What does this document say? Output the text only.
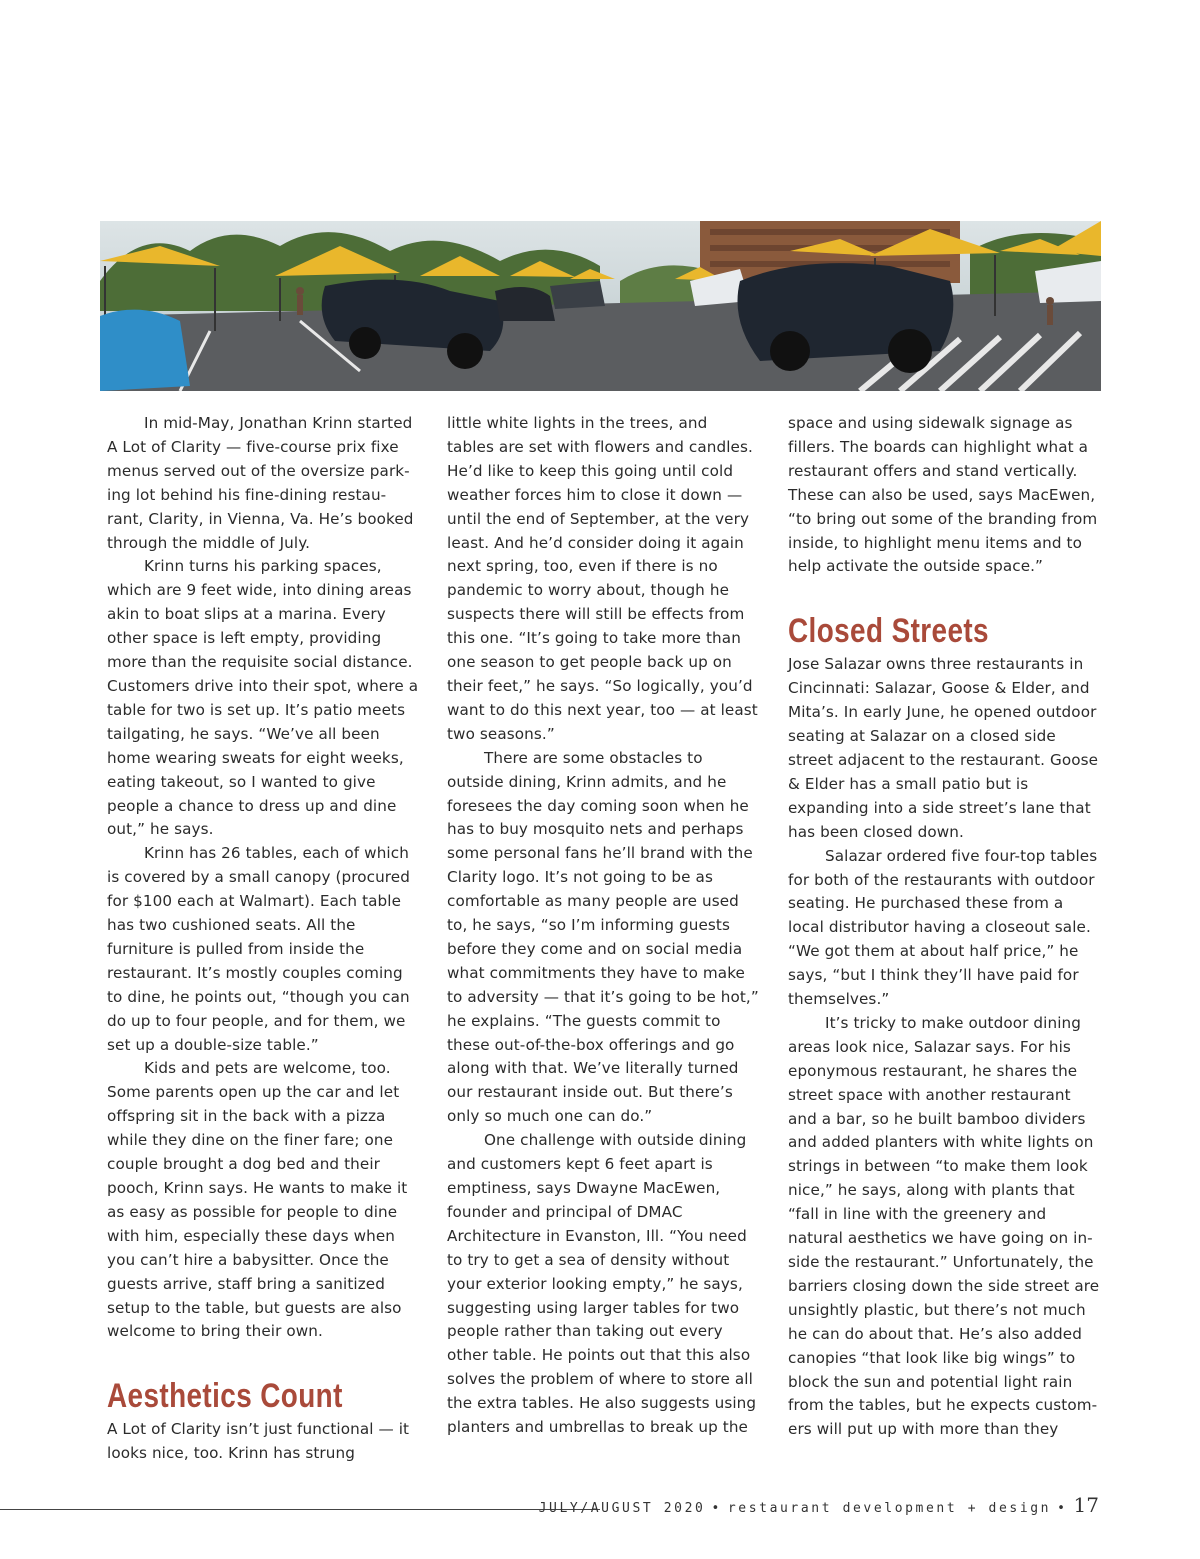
In mid-May, Jonathan Krinn started A Lot of Clarity — five-course prix fixe menus served out of the oversize park-ing lot behind his fine-dining restau-rant, Clarity, in Vienna, Va. He’s booked through the middle of July.

Krinn turns his parking spaces, which are 9 feet wide, into dining areas akin to boat slips at a marina. Every other space is left empty, providing more than the requisite social distance. Customers drive into their spot, where a table for two is set up. It’s patio meets tailgating, he says. “We’ve all been home wearing sweats for eight weeks, eating takeout, so I wanted to give people a chance to dress up and dine out,” he says.

Krinn has 26 tables, each of which is covered by a small canopy (procured for $100 each at Walmart). Each table has two cushioned seats. All the furniture is pulled from inside the restaurant. It’s mostly couples coming to dine, he points out, “though you can do up to four people, and for them, we set up a double-size table.”

Kids and pets are welcome, too. Some parents open up the car and let offspring sit in the back with a pizza while they dine on the finer fare; one couple brought a dog bed and their pooch, Krinn says. He wants to make it as easy as possible for people to dine with him, especially these days when you can’t hire a babysitter. Once the guests arrive, staff bring a sanitized setup to the table, but guests are also welcome to bring their own.

Aesthetics Count

A Lot of Clarity isn’t just functional — it looks nice, too. Krinn has strung

little white lights in the trees, and tables are set with flowers and candles. He’d like to keep this going until cold weather forces him to close it down — until the end of September, at the very least. And he’d consider doing it again next spring, too, even if there is no pandemic to worry about, though he suspects there will still be effects from this one. “It’s going to take more than one season to get people back up on their feet,” he says. “So logically, you’d want to do this next year, too — at least two seasons.”

There are some obstacles to outside dining, Krinn admits, and he foresees the day coming soon when he has to buy mosquito nets and perhaps some personal fans he’ll brand with the Clarity logo. It’s not going to be as comfortable as many people are used to, he says, “so I’m informing guests before they come and on social media what commitments they have to make to adversity — that it’s going to be hot,” he explains. “The guests commit to these out-of-the-box offerings and go along with that. We’ve literally turned our restaurant inside out. But there’s only so much one can do.”

One challenge with outside dining and customers kept 6 feet apart is emptiness, says Dwayne MacEwen, founder and principal of DMAC Architecture in Evanston, Ill. “You need to try to get a sea of density without your exterior looking empty,” he says, suggesting using larger tables for two people rather than taking out every other table. He points out that this also solves the problem of where to store all the extra tables. He also suggests using planters and umbrellas to break up the

space and using sidewalk signage as fillers. The boards can highlight what a restaurant offers and stand vertically. These can also be used, says MacEwen, “to bring out some of the branding from inside, to highlight menu items and to help activate the outside space.”

Closed Streets

Jose Salazar owns three restaurants in Cincinnati: Salazar, Goose & Elder, and Mita’s. In early June, he opened outdoor seating at Salazar on a closed side street adjacent to the restaurant. Goose & Elder has a small patio but is expanding into a side street’s lane that has been closed down.

Salazar ordered five four-top tables for both of the restaurants with outdoor seating. He purchased these from a local distributor having a closeout sale. “We got them at about half price,” he says, “but I think they’ll have paid for themselves.”

It’s tricky to make outdoor dining areas look nice, Salazar says. For his eponymous restaurant, he shares the street space with another restaurant and a bar, so he built bamboo dividers and added planters with white lights on strings in between “to make them look nice,” he says, along with plants that “fall in line with the greenery and natural aesthetics we have going on in-side the restaurant.” Unfortunately, the barriers closing down the side street are unsightly plastic, but there’s not much he can do about that. He’s also added canopies “that look like big wings” to block the sun and potential light rain from the tables, but he expects custom-ers will put up with more than they

JULY/AUGUST 2020 • restaurant development + design • 17
